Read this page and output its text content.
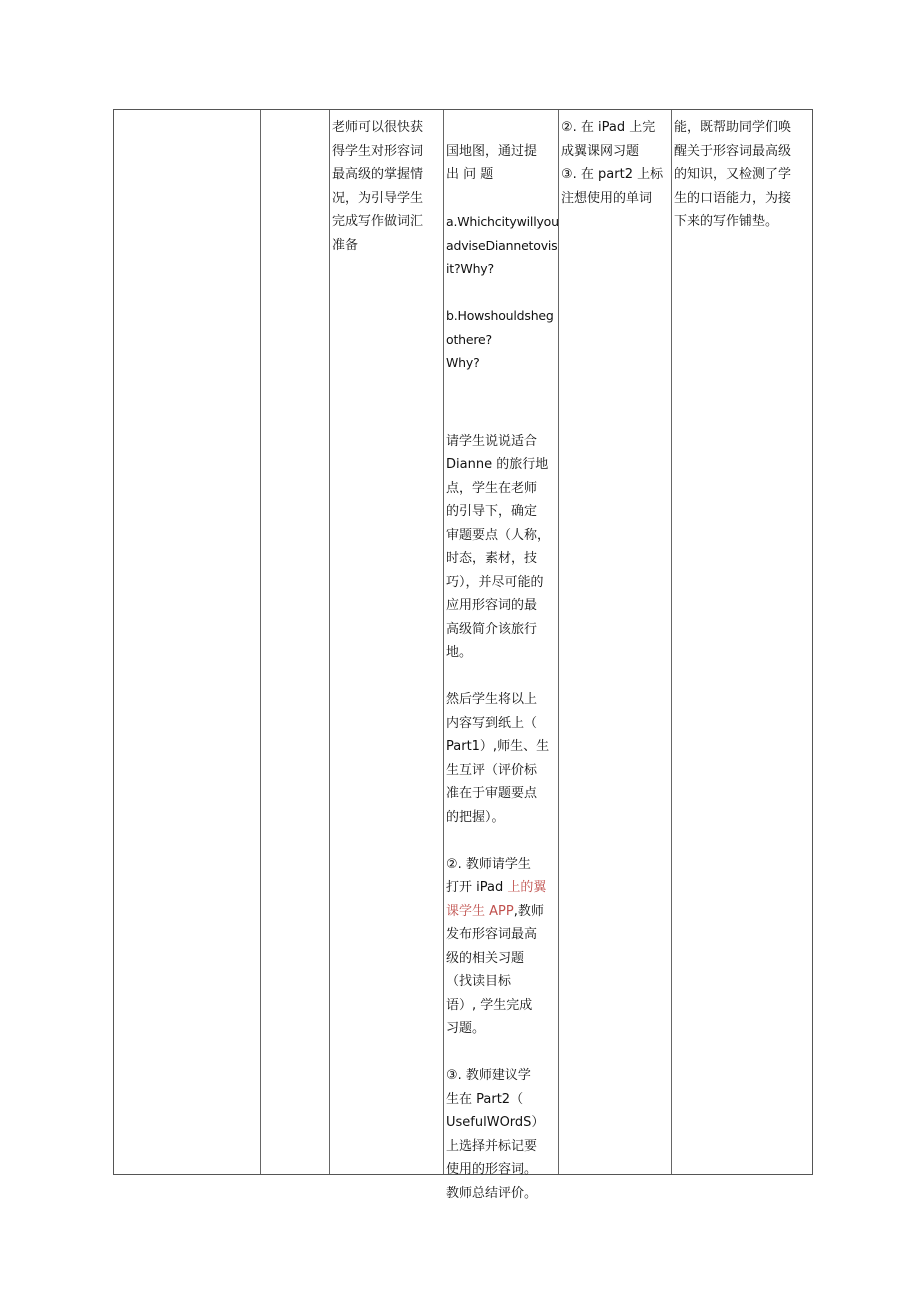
老师可以很快获
得学生对形容词
最高级的掌握情
况，为引导学生
完成写作做词汇
准备

国地图，通过提
出 问 题

a.Whichcitywillyou
adviseDiannetovis
it?Why?

b.Howshouldsheg
othere?
Why?

请学生说说适合
Dianne 的旅行地
点，学生在老师
的引导下，确定
审题要点（人称，
时态，素材，技
巧），并尽可能的
应用形容词的最
高级简介该旅行
地。

然后学生将以上
内容写到纸上（
Part1）,师生、生
生互评（评价标
准在于审题要点
的把握）。

②. 教师请学生
打开 iPad 上的翼
课学生 APP,教师
发布形容词最高
级的相关习题
（找读目标
语）, 学生完成
习题。

③. 教师建议学
生在 Part2（
UsefulWOrdS）
上选择并标记要
使用的形容词。
教师总结评价。

②. 在 iPad 上完
成翼课网习题
③. 在 part2 上标
注想使用的单词
能，既帮助同学们唤
醒关于形容词最高级
的知识，又检测了学
生的口语能力，为接
下来的写作铺垫。
